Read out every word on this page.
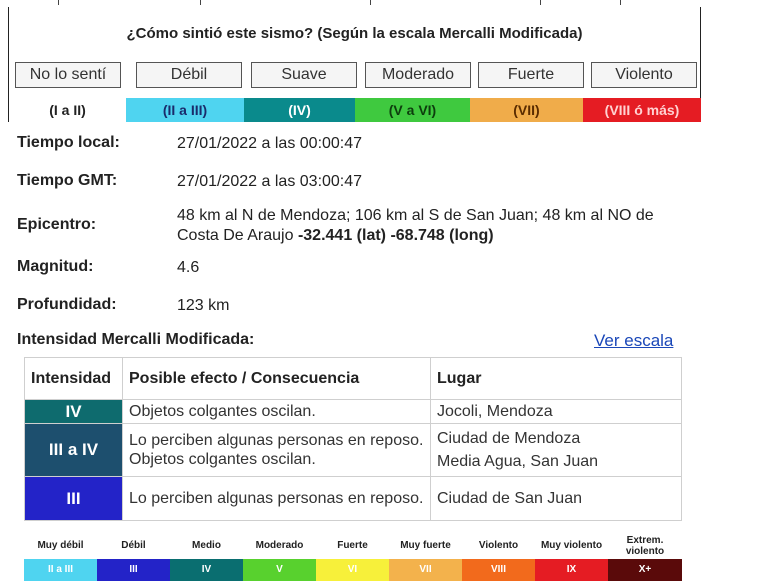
¿Cómo sintió este sismo? (Según la escala Mercalli Modificada)
No lo sentí	Débil	Suave	Moderado	Fuerte	Violento
(I a II)	(II a III)	(IV)	(V a VI)	(VII)	(VIII ó más)
Tiempo local:	27/01/2022 a las 00:00:47
Tiempo GMT:	27/01/2022 a las 03:00:47
Epicentro:
48 km al N de Mendoza; 106 km al S de San Juan; 48 km al NO de Costa De Araujo -32.441 (lat) -68.748 (long)
Magnitud:	4.6
Profundidad:	123 km
Intensidad Mercalli Modificada:	Ver escala
Intensidad	Posible efecto / Consecuencia	Lugar
IV	Objetos colgantes oscilan.	Jocoli, Mendoza

III a IV	Lo perciben algunas personas en reposo. Objetos colgantes oscilan.	Ciudad de Mendoza
Media Agua, San Juan

III	Lo perciben algunas personas en reposo.	Ciudad de San Juan
Muy débil	Débil	Medio	Moderado	Fuerte	Muy fuerte	Violento	Muy violento	Extrem. violento
II a III	III	IV	V	VI	VII	VIII	IX	X+
